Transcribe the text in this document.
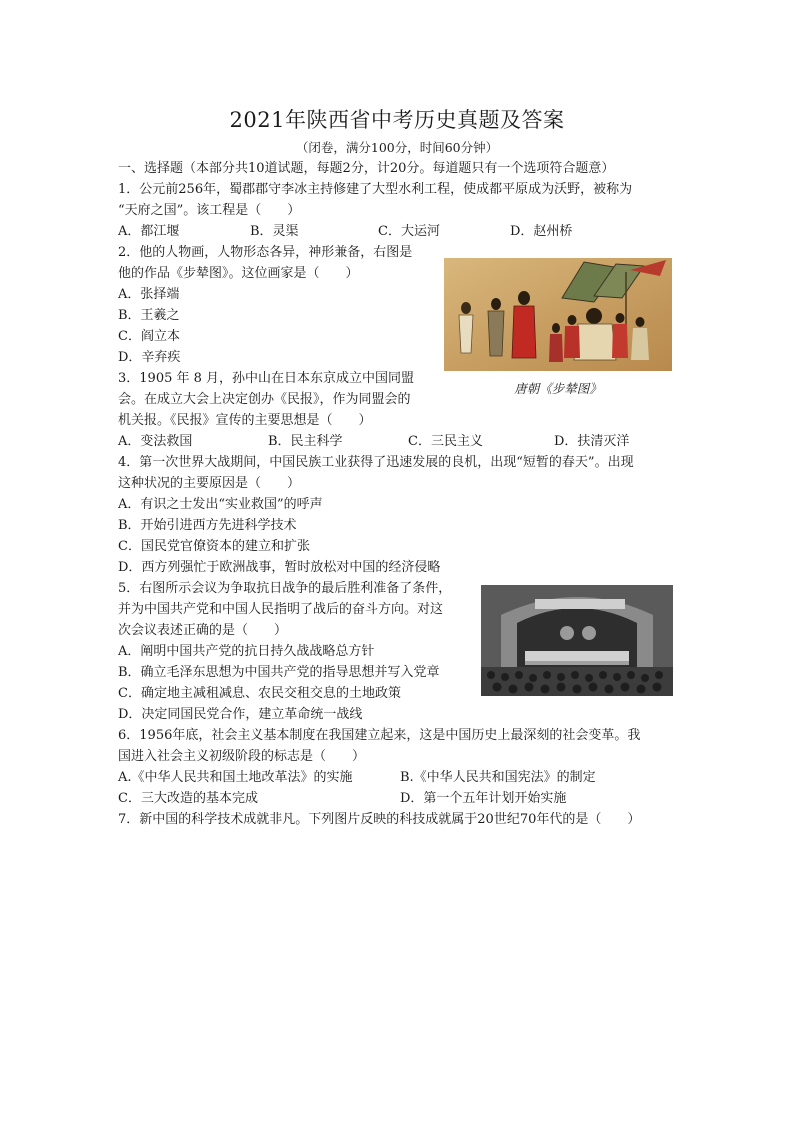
2021年陕西省中考历史真题及答案
（闭卷，满分100分，时间60分钟）
一、选择题（本部分共10道试题，每题2分，计20分。每道题只有一个选项符合题意）
1．公元前256年，蜀郡郡守李冰主持修建了大型水利工程，使成都平原成为沃野，被称为
“天府之国”。该工程是（　　）
A．都江堰	B．灵渠	C．大运河	D．赵州桥
2．他的人物画，人物形态各异，神形兼备，右图是
他的作品《步辇图》。这位画家是（　　）
A．张择端
B．王羲之
C．阎立本
D．辛弃疾
唐朝《步辇图》
3．1905 年 8 月，孙中山在日本东京成立中国同盟
会。在成立大会上决定创办《民报》，作为同盟会的
机关报。《民报》宣传的主要思想是（　　）
A．变法救国	B．民主科学	C．三民主义	D．扶清灭洋
4．第一次世界大战期间，中国民族工业获得了迅速发展的良机，出现“短暂的春天”。出现
这种状况的主要原因是（　　）
A．有识之士发出“实业救国”的呼声
B．开始引进西方先进科学技术
C．国民党官僚资本的建立和扩张
D．西方列强忙于欧洲战事，暂时放松对中国的经济侵略
5．右图所示会议为争取抗日战争的最后胜利准备了条件，
并为中国共产党和中国人民指明了战后的奋斗方向。对这
次会议表述正确的是（　　）
A．阐明中国共产党的抗日持久战战略总方针
B．确立毛泽东思想为中国共产党的指导思想并写入党章
C．确定地主减租减息、农民交租交息的土地政策
D．决定同国民党合作，建立革命统一战线
6．1956年底，社会主义基本制度在我国建立起来，这是中国历史上最深刻的社会变革。我
国进入社会主义初级阶段的标志是（　　）
A.《中华人民共和国土地改革法》的实施	B.《中华人民共和国宪法》的制定
C．三大改造的基本完成	D．第一个五年计划开始实施
7．新中国的科学技术成就非凡。下列图片反映的科技成就属于20世纪70年代的是（　　）
